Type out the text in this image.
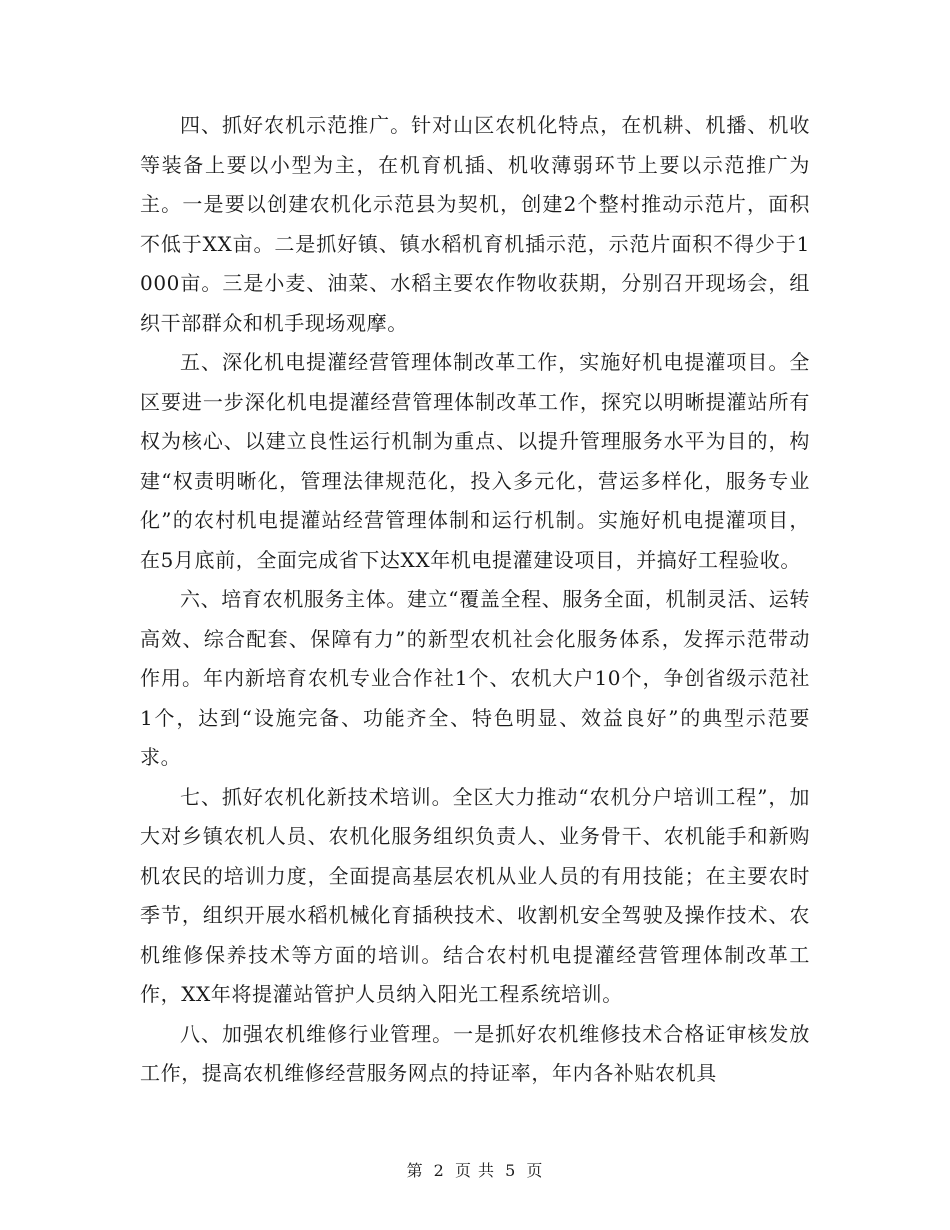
四、抓好农机示范推广。针对山区农机化特点，在机耕、机播、机收等装备上要以小型为主，在机育机插、机收薄弱环节上要以示范推广为主。一是要以创建农机化示范县为契机，创建2个整村推动示范片，面积不低于XX亩。二是抓好镇、镇水稻机育机插示范，示范片面积不得少于1000亩。三是小麦、油菜、水稻主要农作物收获期，分别召开现场会，组织干部群众和机手现场观摩。

五、深化机电提灌经营管理体制改革工作，实施好机电提灌项目。全区要进一步深化机电提灌经营管理体制改革工作，探究以明晰提灌站所有权为核心、以建立良性运行机制为重点、以提升管理服务水平为目的，构建“权责明晰化，管理法律规范化，投入多元化，营运多样化，服务专业化”的农村机电提灌站经营管理体制和运行机制。实施好机电提灌项目，在5月底前，全面完成省下达XX年机电提灌建设项目，并搞好工程验收。

六、培育农机服务主体。建立“覆盖全程、服务全面，机制灵活、运转高效、综合配套、保障有力”的新型农机社会化服务体系，发挥示范带动作用。年内新培育农机专业合作社1个、农机大户10个，争创省级示范社1个，达到“设施完备、功能齐全、特色明显、效益良好”的典型示范要求。

七、抓好农机化新技术培训。全区大力推动“农机分户培训工程”，加大对乡镇农机人员、农机化服务组织负责人、业务骨干、农机能手和新购机农民的培训力度，全面提高基层农机从业人员的有用技能；在主要农时季节，组织开展水稻机械化育插秧技术、收割机安全驾驶及操作技术、农机维修保养技术等方面的培训。结合农村机电提灌经营管理体制改革工作，XX年将提灌站管护人员纳入阳光工程系统培训。

八、加强农机维修行业管理。一是抓好农机维修技术合格证审核发放工作，提高农机维修经营服务网点的持证率，年内各补贴农机具

第 2 页 共 5 页
